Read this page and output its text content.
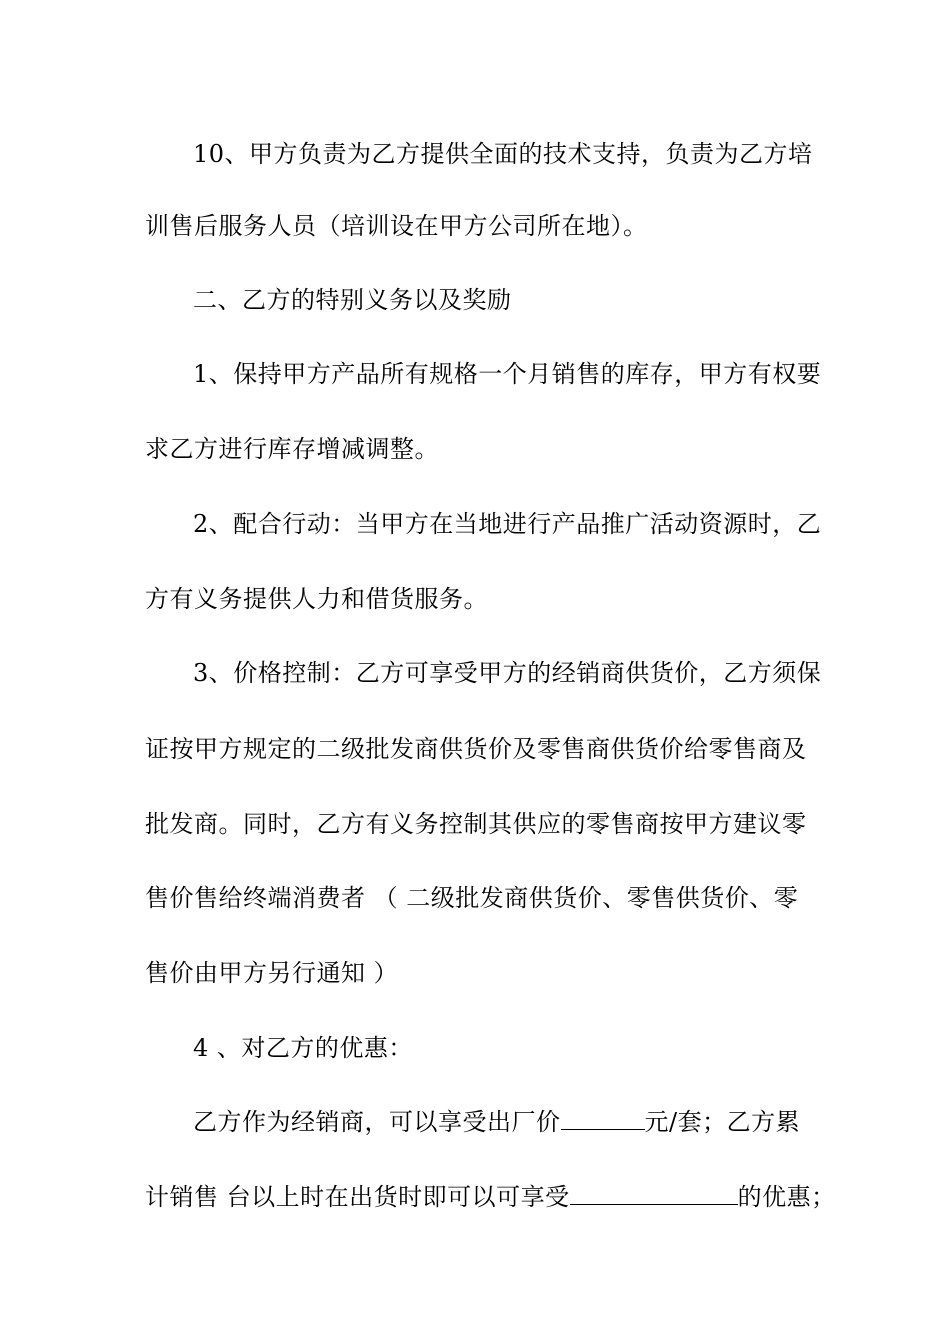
10、甲方负责为乙方提供全面的技术支持，负责为乙方培
训售后服务人员（培训设在甲方公司所在地）。
二、乙方的特别义务以及奖励
1、保持甲方产品所有规格一个月销售的库存，甲方有权要
求乙方进行库存增减调整。
2、配合行动：当甲方在当地进行产品推广活动资源时，乙
方有义务提供人力和借货服务。
3、价格控制：乙方可享受甲方的经销商供货价，乙方须保
证按甲方规定的二级批发商供货价及零售商供货价给零售商及
批发商。同时，乙方有义务控制其供应的零售商按甲方建议零
售价售给终端消费者 （ 二级批发商供货价、零售供货价、零
售价由甲方另行通知 ）
4 、对乙方的优惠：
乙方作为经销商，可以享受出厂价	元/套；乙方累
计销售 台以上时在出货时即可以可享受	的优惠；
